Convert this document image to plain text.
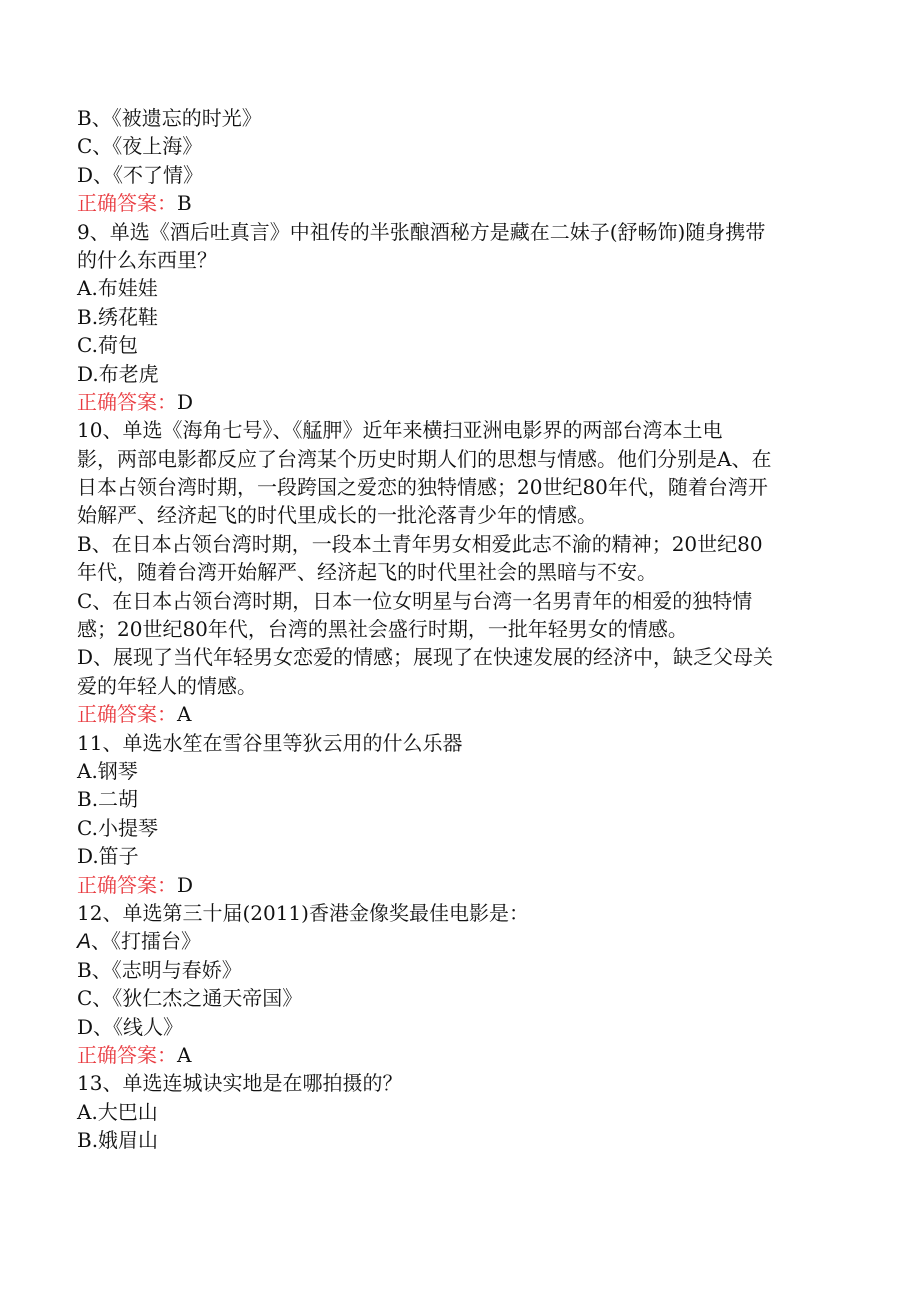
B、《被遗忘的时光》
C、《夜上海》
D、《不了情》
正确答案：B
9、单选《酒后吐真言》中祖传的半张酿酒秘方是藏在二妹子(舒畅饰)随身携带
的什么东西里？
A.布娃娃
B.绣花鞋
C.荷包
D.布老虎
正确答案：D
10、单选《海角七号》、《艋胛》近年来横扫亚洲电影界的两部台湾本土电
影，两部电影都反应了台湾某个历史时期人们的思想与情感。他们分别是A、在
日本占领台湾时期，一段跨国之爱恋的独特情感；20世纪80年代，随着台湾开
始解严、经济起飞的时代里成长的一批沦落青少年的情感。
B、在日本占领台湾时期，一段本土青年男女相爱此志不渝的精神；20世纪80
年代，随着台湾开始解严、经济起飞的时代里社会的黑暗与不安。
C、在日本占领台湾时期，日本一位女明星与台湾一名男青年的相爱的独特情
感；20世纪80年代，台湾的黑社会盛行时期，一批年轻男女的情感。
D、展现了当代年轻男女恋爱的情感；展现了在快速发展的经济中，缺乏父母关
爱的年轻人的情感。
正确答案：A
11、单选水笙在雪谷里等狄云用的什么乐器
A.钢琴
B.二胡
C.小提琴
D.笛子
正确答案：D
12、单选第三十届(2011)香港金像奖最佳电影是：
A、《打擂台》
B、《志明与春娇》
C、《狄仁杰之通天帝国》
D、《线人》
正确答案：A
13、单选连城诀实地是在哪拍摄的？
A.大巴山
B.娥眉山
